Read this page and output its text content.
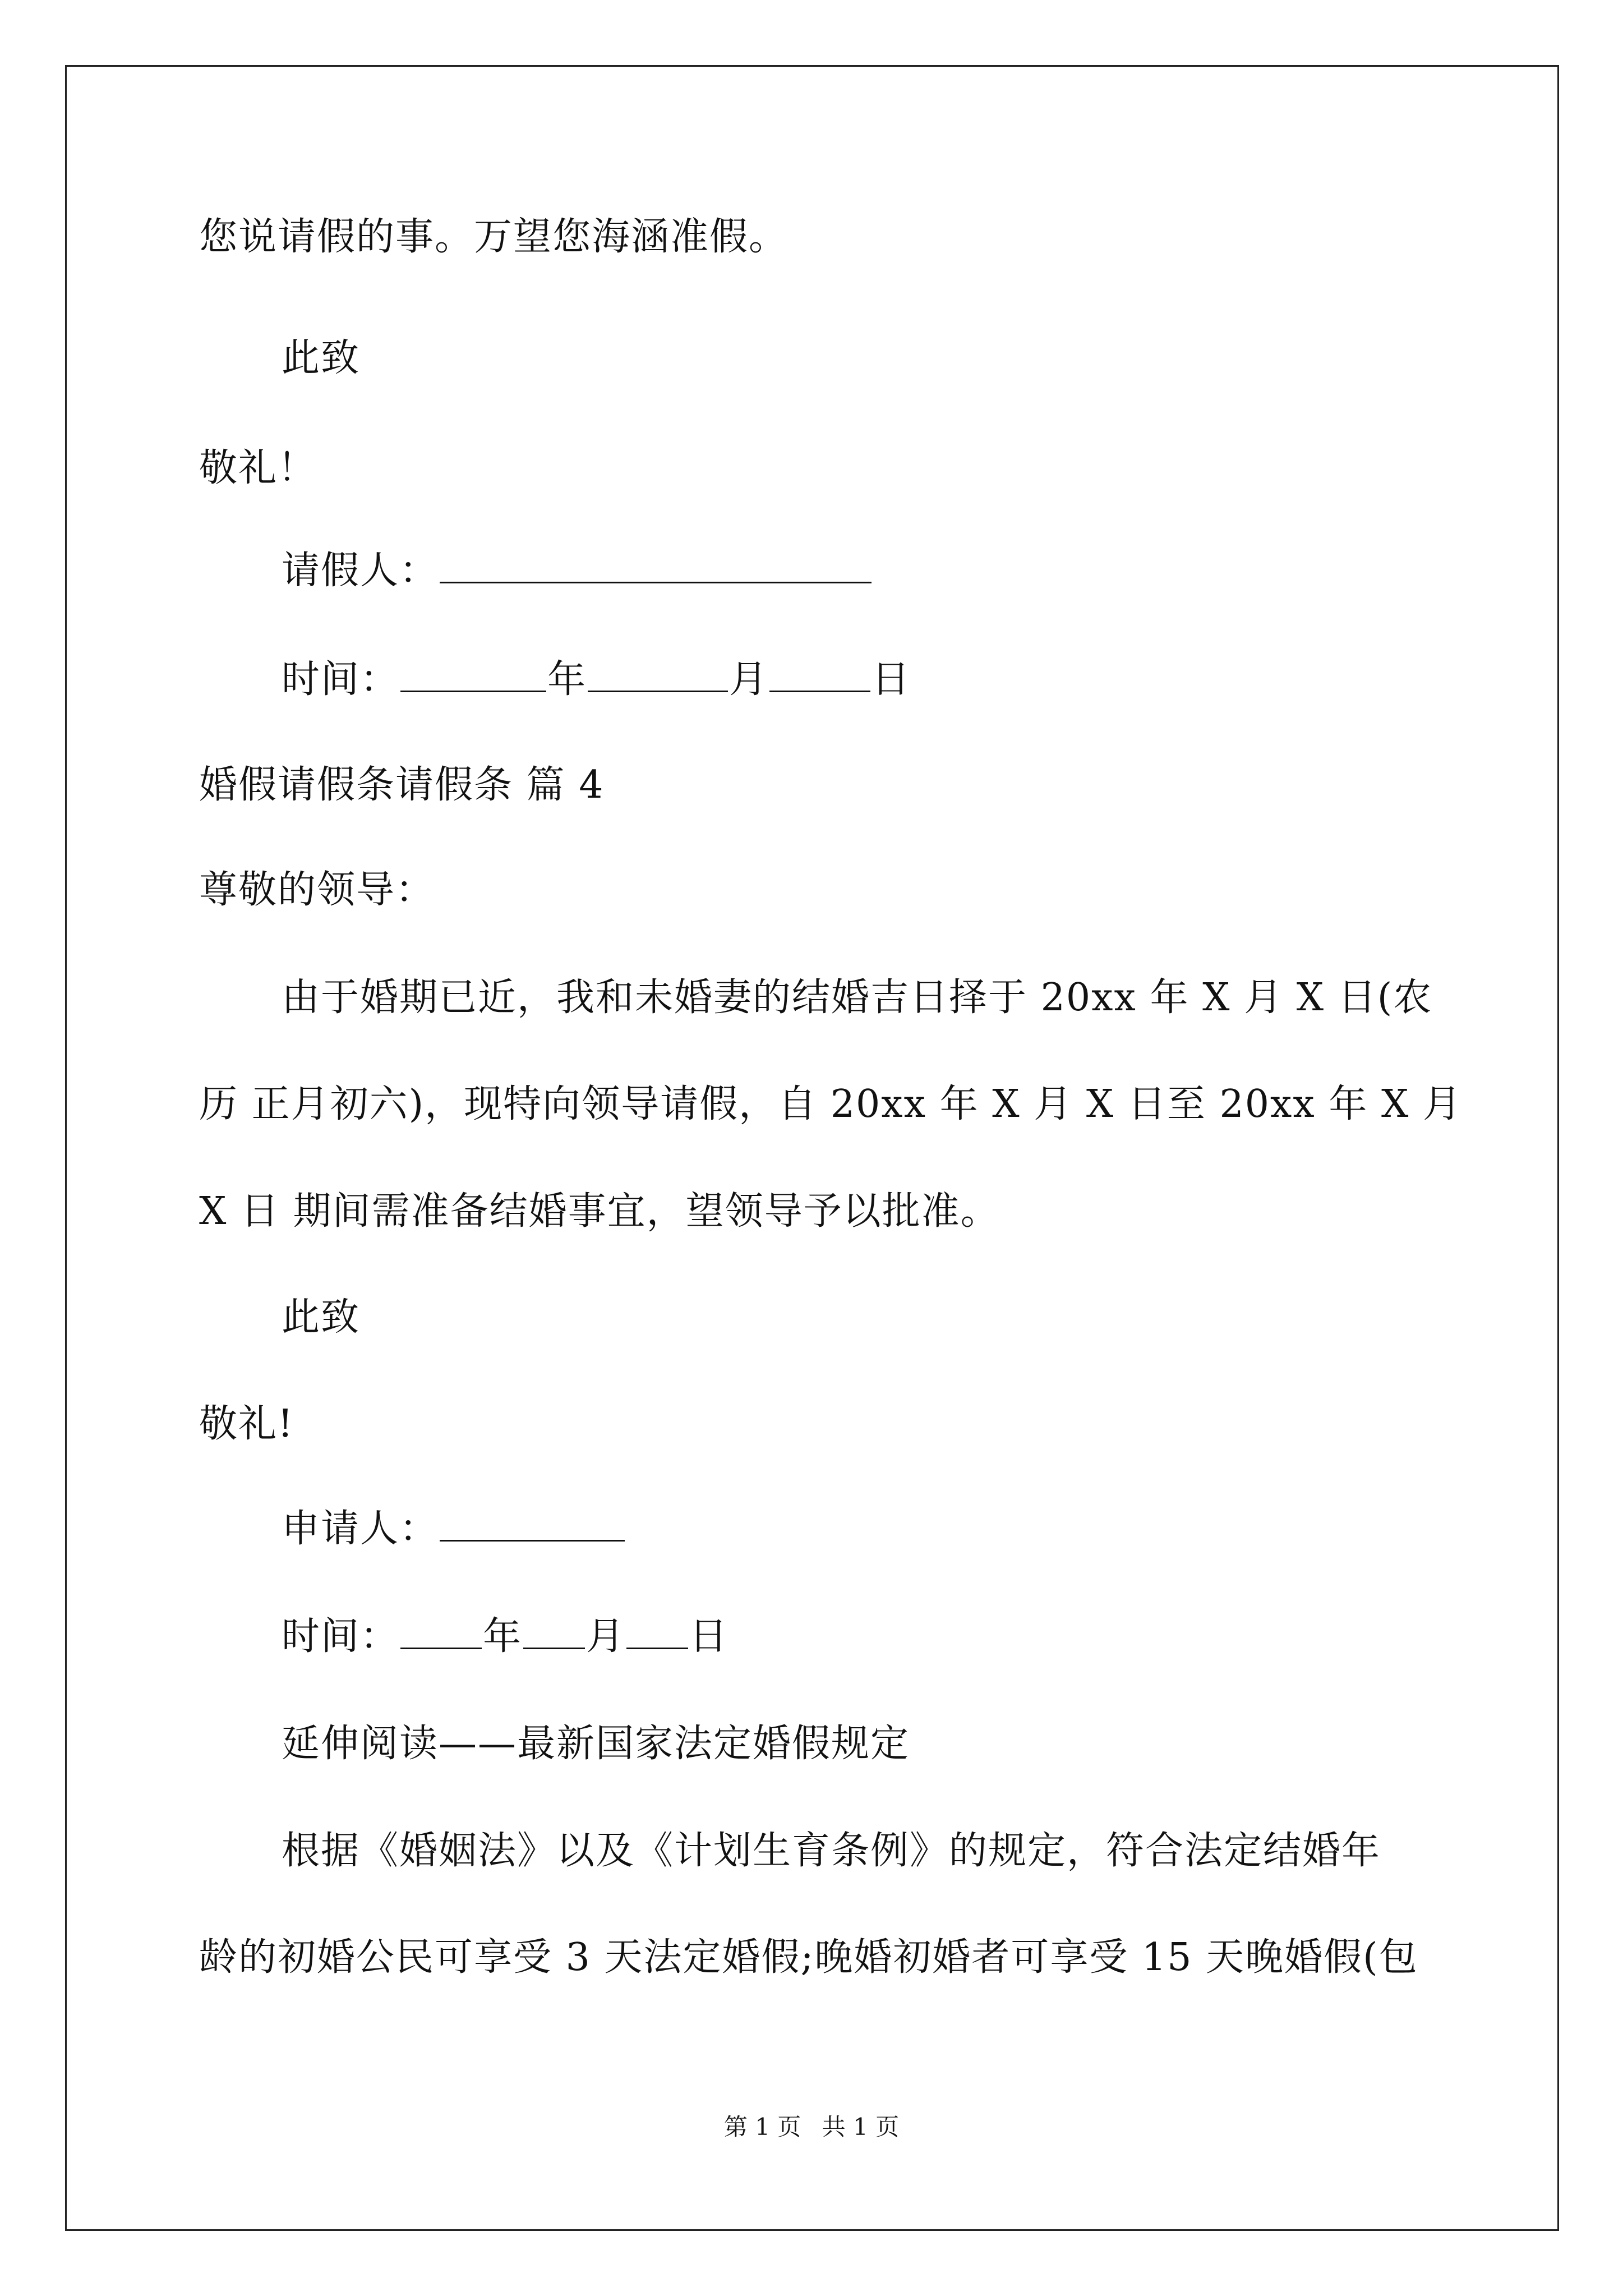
您说请假的事。万望您海涵准假。
此致
敬礼！
请假人：
时间：	年	月	日
婚假请假条请假条 篇 4
尊敬的领导：
由于婚期已近，我和未婚妻的结婚吉日择于 20xx 年 X 月 X 日(农
历 正月初六)，现特向领导请假，自 20xx 年 X 月 X 日至 20xx 年 X 月
X 日 期间需准备结婚事宜，望领导予以批准。
此致
敬礼!
申请人：
时间： 年 月 日
延伸阅读——最新国家法定婚假规定
根据《婚姻法》以及《计划生育条例》的规定，符合法定结婚年
龄的初婚公民可享受 3 天法定婚假;晚婚初婚者可享受 15 天晚婚假(包
第 1 页 共 1 页
